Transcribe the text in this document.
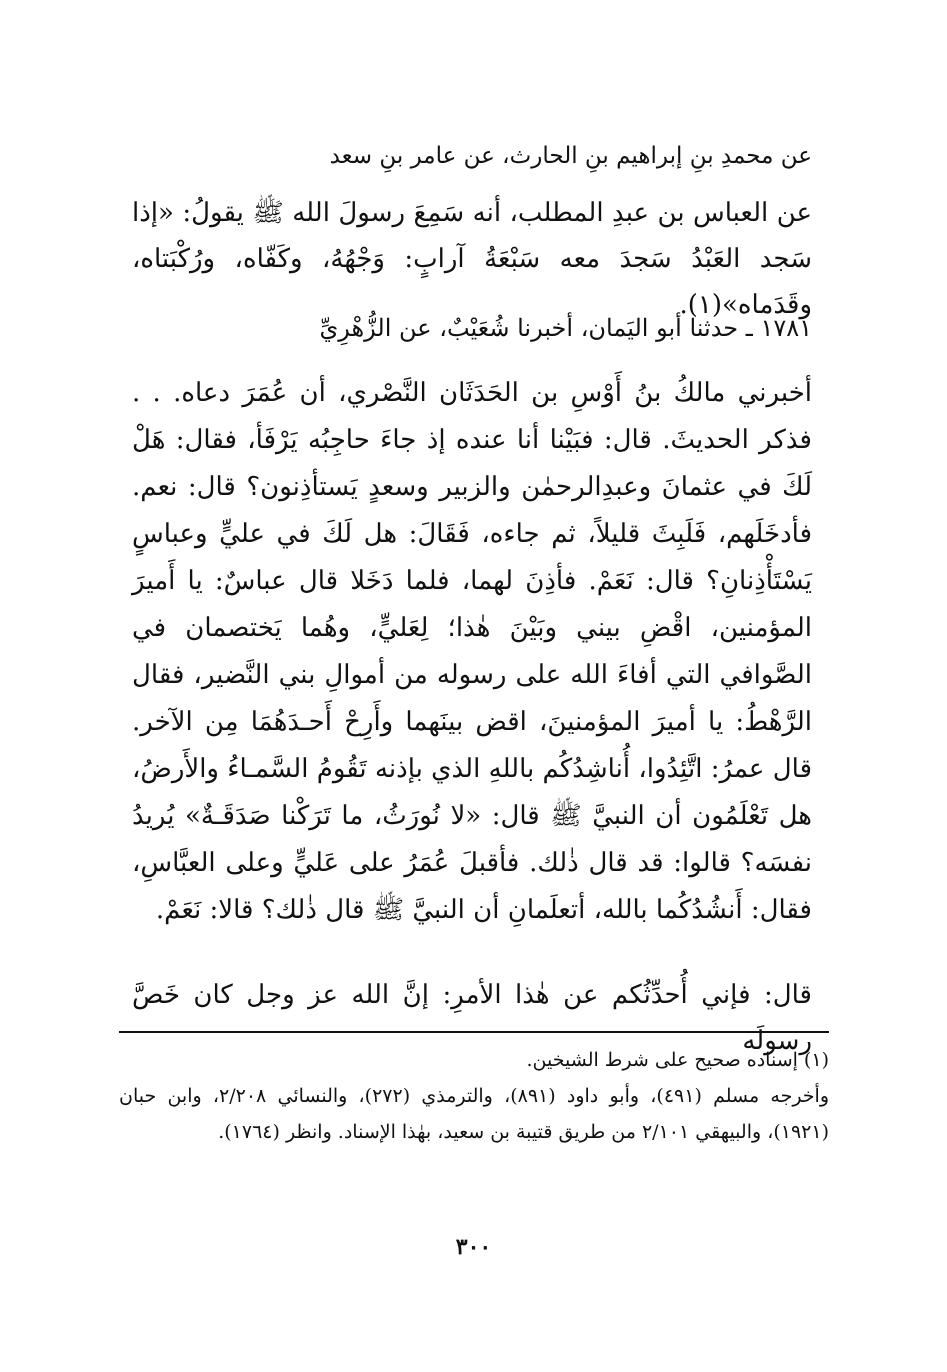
عن محمدِ بنِ إبراهيم بنِ الحارث، عن عامر بنِ سعد

عن العباس بن عبدِ المطلب، أنه سَمِعَ رسولَ الله ﷺ يقولُ: «إذا سَجد العَبْدُ سَجدَ معه سَبْعَةُ آرابٍ: وَجْهُهُ، وكَفّاه، ورُكْبَتاه، وقَدَماه»(١).

١٧٨١ ـ حدثنا أبو اليَمان، أخبرنا شُعَيْبٌ، عن الزُّهْرِيِّ

أخبرني مالكُ بنُ أَوْسِ بن الحَدَثَان النَّصْري، أن عُمَرَ دعاه. . . فذكر الحديثَ. قال: فبَيْنا أنا عنده إذ جاءَ حاجِبُه يَرْفَأ، فقال: هَلْ لَكَ في عثمانَ وعبدِالرحمٰن والزبير وسعدٍ يَستأذِنون؟ قال: نعم. فأدخَلَهم، فَلَبِثَ قليلاً، ثم جاءه، فَقَالَ: هل لَكَ في عليٍّ وعباسٍ يَسْتَأْذِنانِ؟ قال: نَعَمْ. فأذِنَ لهما، فلما دَخَلا قال عباسٌ: يا أَميرَ المؤمنين، اقْضِ بيني وبَيْنَ هٰذا؛ لِعَليٍّ، وهُما يَختصمان في الصَّوافي التي أفاءَ الله على رسوله من أموالِ بني النَّضير، فقال الرَّهْطُ: يا أميرَ المؤمنينَ، اقض بينَهما وأَرِحْ أَحـدَهُمَا مِن الآخر. قال عمرُ: اتَّئِدُوا، أُناشِدُكُم باللهِ الذي بإذنه تَقُومُ السَّمـاءُ والأَرضُ، هل تَعْلَمُون أن النبيَّ ﷺ قال: «لا نُورَثُ، ما تَرَكْنا صَدَقَـةٌ» يُريدُ نفسَه؟ قالوا: قد قال ذٰلك. فأقبلَ عُمَرُ على عَليٍّ وعلى العبَّاسِ، فقال: أَنشُدُكُما بالله، أتعلَمانِ أن النبيَّ ﷺ قال ذٰلك؟ قالا: نَعَمْ.

قال: فإني أُحدِّثُكم عن هٰذا الأمرِ: إنَّ الله عز وجل كان خَصَّ رسولَه

(١) إسناده صحيح على شرط الشيخين.

وأخرجه مسلم (٤٩١)، وأبو داود (٨٩١)، والترمذي (٢٧٢)، والنسائي ٢/٢٠٨، وابن حبان (١٩٢١)، والبيهقي ٢/١٠١ من طريق قتيبة بن سعيد، بهٰذا الإسناد. وانظر (١٧٦٤).

٣٠٠
